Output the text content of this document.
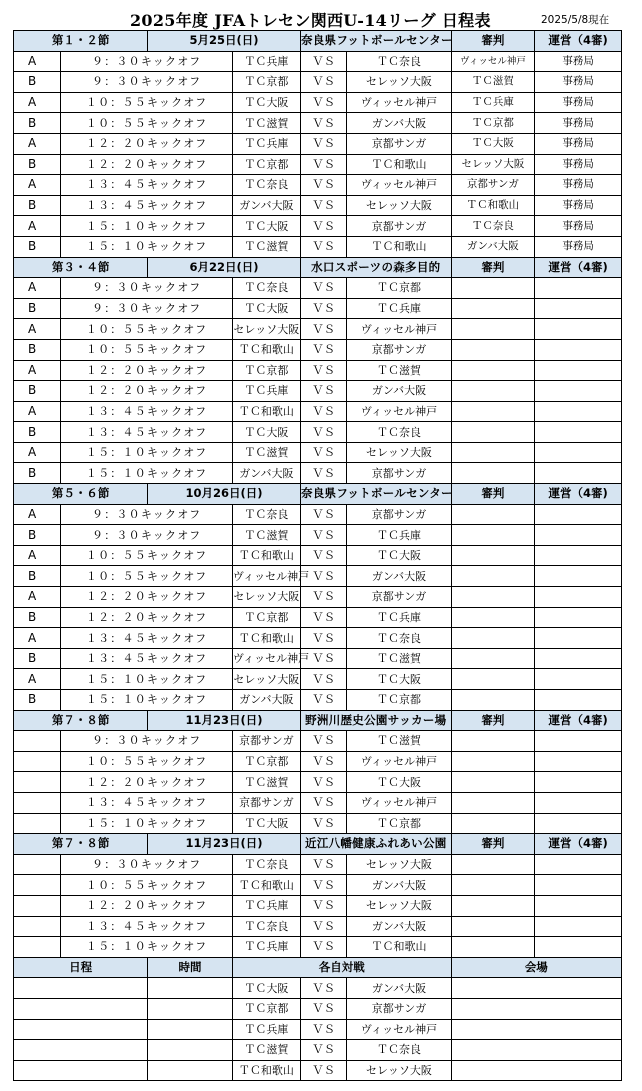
2025年度 JFAトレセン関西U-14リーグ 日程表	2025/5/8現在
第１・２節		5月25日(日)		奈良県フットボールセンター		審判	運営（4審)
A	９：３０キックオフ		ＴＣ兵庫	ＶＳ	ＴＣ奈良	ヴィッセル神戸	事務局
B	９：３０キックオフ		ＴＣ京都	ＶＳ	セレッソ大阪	ＴＣ滋賀	事務局
A	１０：５５キックオフ		ＴＣ大阪	ＶＳ	ヴィッセル神戸	ＴＣ兵庫	事務局
B	１０：５５キックオフ		ＴＣ滋賀	ＶＳ	ガンバ大阪	ＴＣ京都	事務局
A	１２：２０キックオフ		ＴＣ兵庫	ＶＳ	京都サンガ	ＴＣ大阪	事務局
B	１２：２０キックオフ		ＴＣ京都	ＶＳ	ＴＣ和歌山	セレッソ大阪	事務局
A	１３：４５キックオフ		ＴＣ奈良	ＶＳ	ヴィッセル神戸	京都サンガ	事務局
B	１３：４５キックオフ		ガンバ大阪	ＶＳ	セレッソ大阪	ＴＣ和歌山	事務局
A	１５：１０キックオフ		ＴＣ大阪	ＶＳ	京都サンガ	ＴＣ奈良	事務局
B	１５：１０キックオフ		ＴＣ滋賀	ＶＳ	ＴＣ和歌山	ガンバ大阪	事務局
第３・４節		6月22日(日)		水口スポーツの森多目的		審判	運営（4審)
A	９：３０キックオフ		ＴＣ奈良	ＶＳ	ＴＣ京都		
B	９：３０キックオフ		ＴＣ大阪	ＶＳ	ＴＣ兵庫		
A	１０：５５キックオフ		セレッソ大阪	ＶＳ	ヴィッセル神戸		
B	１０：５５キックオフ		ＴＣ和歌山	ＶＳ	京都サンガ		
A	１２：２０キックオフ		ＴＣ京都	ＶＳ	ＴＣ滋賀		
B	１２：２０キックオフ		ＴＣ兵庫	ＶＳ	ガンバ大阪		
A	１３：４５キックオフ		ＴＣ和歌山	ＶＳ	ヴィッセル神戸		
B	１３：４５キックオフ		ＴＣ大阪	ＶＳ	ＴＣ奈良		
A	１５：１０キックオフ		ＴＣ滋賀	ＶＳ	セレッソ大阪		
B	１５：１０キックオフ		ガンバ大阪	ＶＳ	京都サンガ		
第５・６節		10月26日(日)		奈良県フットボールセンター		審判	運営（4審)
A	９：３０キックオフ		ＴＣ奈良	ＶＳ	京都サンガ		
B	９：３０キックオフ		ＴＣ滋賀	ＶＳ	ＴＣ兵庫		
A	１０：５５キックオフ		ＴＣ和歌山	ＶＳ	ＴＣ大阪		
B	１０：５５キックオフ		ヴィッセル神戸	ＶＳ	ガンバ大阪		
A	１２：２０キックオフ		セレッソ大阪	ＶＳ	京都サンガ		
B	１２：２０キックオフ		ＴＣ京都	ＶＳ	ＴＣ兵庫		
A	１３：４５キックオフ		ＴＣ和歌山	ＶＳ	ＴＣ奈良		
B	１３：４５キックオフ		ヴィッセル神戸	ＶＳ	ＴＣ滋賀		
A	１５：１０キックオフ		セレッソ大阪	ＶＳ	ＴＣ大阪		
B	１５：１０キックオフ		ガンバ大阪	ＶＳ	ＴＣ京都		
第７・８節		11月23日(日)		野洲川歴史公園サッカー場		審判	運営（4審)
	９：３０キックオフ		京都サンガ	ＶＳ	ＴＣ滋賀		
	１０：５５キックオフ		ＴＣ京都	ＶＳ	ヴィッセル神戸		
	１２：２０キックオフ		ＴＣ滋賀	ＶＳ	ＴＣ大阪		
	１３：４５キックオフ		京都サンガ	ＶＳ	ヴィッセル神戸		
	１５：１０キックオフ		ＴＣ大阪	ＶＳ	ＴＣ京都		
第７・８節		11月23日(日)		近江八幡健康ふれあい公園		審判	運営（4審)
	９：３０キックオフ		ＴＣ奈良	ＶＳ	セレッソ大阪		
	１０：５５キックオフ		ＴＣ和歌山	ＶＳ	ガンバ大阪		
	１２：２０キックオフ		ＴＣ兵庫	ＶＳ	セレッソ大阪		
	１３：４５キックオフ		ＴＣ奈良	ＶＳ	ガンバ大阪		
	１５：１０キックオフ		ＴＣ兵庫	ＶＳ	ＴＣ和歌山		
日程		時間	各自対戦			会場	
			ＴＣ大阪	ＶＳ	ガンバ大阪		
			ＴＣ京都	ＶＳ	京都サンガ		
			ＴＣ兵庫	ＶＳ	ヴィッセル神戸		
			ＴＣ滋賀	ＶＳ	ＴＣ奈良		
			ＴＣ和歌山	ＶＳ	セレッソ大阪		
